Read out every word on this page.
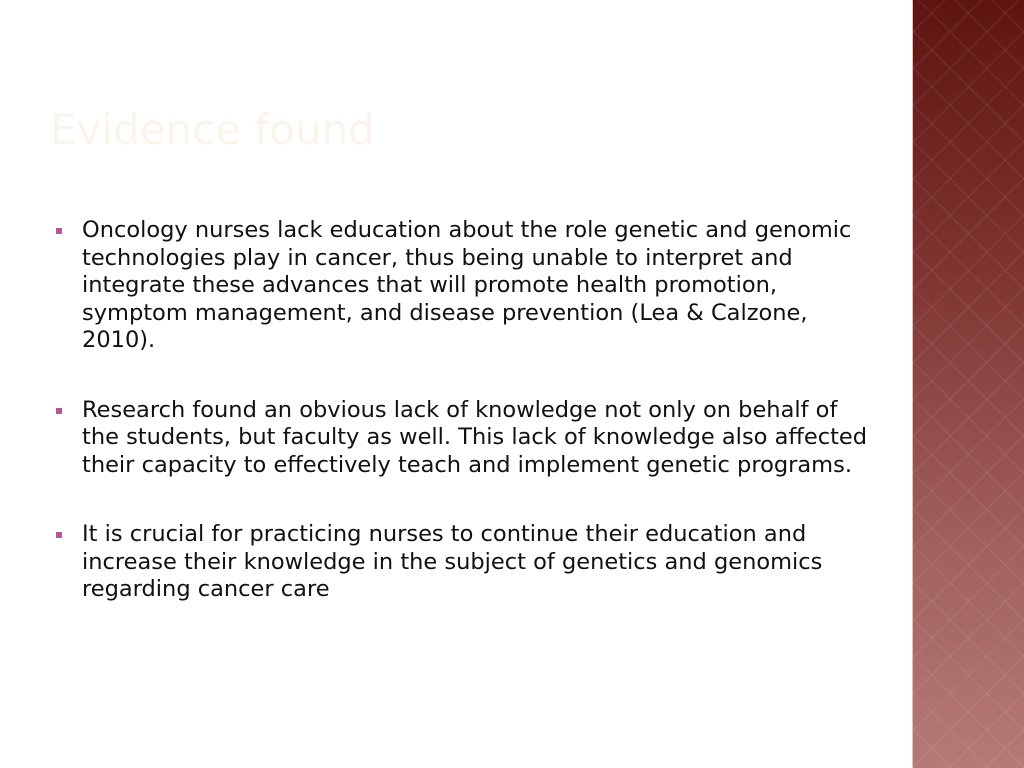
Evidence found
Oncology nurses lack education about the role genetic and genomic technologies play in cancer, thus being unable to interpret and integrate these advances that will promote health promotion, symptom management, and disease prevention (Lea & Calzone, 2010).
Research found an obvious lack of knowledge not only on behalf of the students, but faculty as well. This lack of knowledge also affected their capacity to effectively teach and implement genetic programs.
It is crucial for practicing nurses to continue their education and increase their knowledge in the subject of genetics and genomics regarding cancer care
